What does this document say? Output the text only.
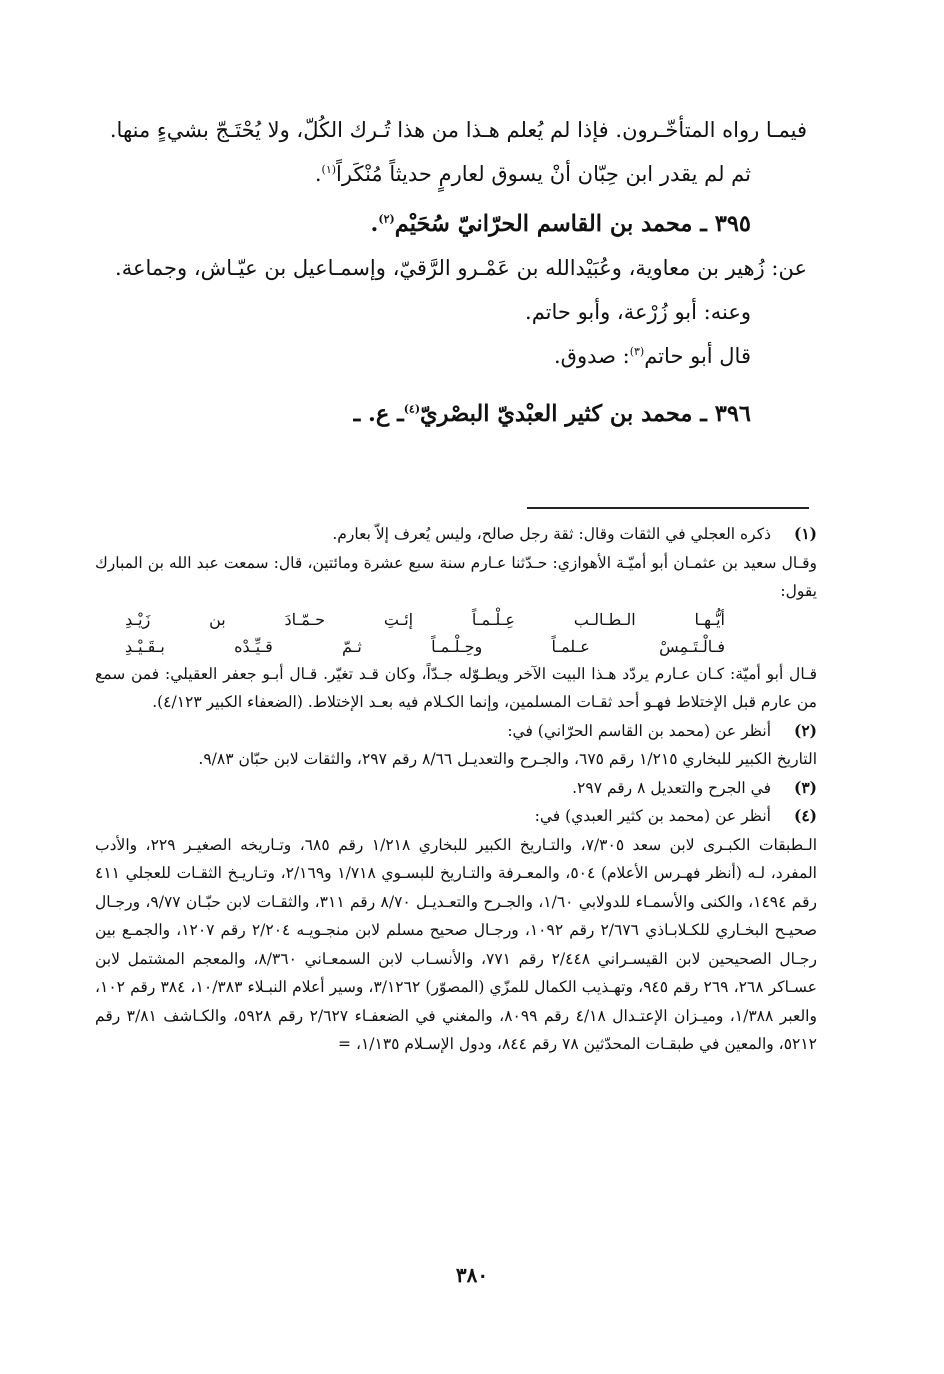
فيمـا رواه المتأخّـرون. فإذا لم يُعلم هـذا من هذا تُـرك الكُلّ، ولا يُحْتَـجّ بشيءٍ منها.

ثم لم يقدر ابن حِبّان أنْ يسوق لعارمٍ حديثاً مُنْكَراً$^{(١)}$.

٣٩٥ ـ محمد بن القاسم الحرّانيّ سُحَيْم$^{(٢)}$.

عن: زُهير بن معاوية، وعُبَيْدالله بن عَمْـرو الرَّقيّ، وإسمـاعيل بن عيّـاش، وجماعة.

وعنه: أبو زُرْعة، وأبو حاتم.

قال أبو حاتم$^{(٣)}$: صدوق.

٣٩٦ ـ محمد بن كثير العبْديّ البصْريّ$^{(٤)}$ـ ع. ـ

(١)

ذكره العجلي في الثقات وقال: ثقة رجل صالح، وليس يُعرف إلاّ بعارم.

وقـال سعيد بن عثمـان أبو أميّـة الأهوازي: حـدّثنا عـارم سنة سبع عشرة ومائتين، قال: سمعت عبد الله بن المبارك يقول:

أيُّـهـا
الـطـالـب
عِـلْـمـاً
إئـتِ
حـمّـادَ
بن
زَيْـدِ
فـالْـتَـمِسْ
عـلمـاً
وحِـلْـمـاً
ثـمّ
قـيِّـدْه
بـقَـيْـدِ

قـال أبو أميّة: كـان عـارم يردّد هـذا البيت الآخر ويطـوّله جـدّاً، وكان قـد تغيّر. قـال أبـو جعفر العقيلي: فمن سمع من عارم قبل الإختلاط فهـو أحد ثقـات المسلمين، وإنما الكـلام فيه بعـد الإختلاط. (الضعفاء الكبير ٤/١٢٣).

(٢)

أنظر عن (محمد بن القاسم الحرّاني) في:

التاريخ الكبير للبخاري ١/٢١٥ رقم ٦٧٥، والجـرح والتعديـل ٨/٦٦ رقم ٢٩٧، والثقات لابن حبّان ٩/٨٣.

(٣)

في الجرح والتعديل ٨ رقم ٢٩٧.

(٤)

أنظر عن (محمد بن كثير العبدي) في:

الـطبقات الكبـرى لابن سعد ٧/٣٠٥، والتـاريخ الكبير للبخاري ١/٢١٨ رقم ٦٨٥، وتـاريخه الصغيـر ٢٢٩، والأدب المفرد، لـه (أنظر فهـرس الأعلام) ٥٠٤، والمعـرفة والتـاريخ للبسـوي ١/٧١٨ و٢/١٦٩، وتـاريـخ الثقـات للعجلي ٤١١ رقم ١٤٩٤، والكنى والأسمـاء للدولابي ١/٦٠، والجـرح والتعـديـل ٨/٧٠ رقم ٣١١، والثقـات لابن حبّـان ٩/٧٧، ورجـال صحيـح البخـاري للكـلابـاذي ٢/٦٧٦ رقم ١٠٩٢، ورجـال صحيح مسلم لابن منجـويـه ٢/٢٠٤ رقم ١٢٠٧، والجمـع بين رجـال الصحيحين لابن القيسـراني ٢/٤٤٨ رقم ٧٧١، والأنسـاب لابن السمعـاني ٨/٣٦٠، والمعجم المشتمل لابن عسـاكر ٢٦٨، ٢٦٩ رقم ٩٤٥، وتهـذيب الكمال للمزّي (المصوّر) ٣/١٢٦٢، وسير أعلام النبـلاء ١٠/٣٨٣، ٣٨٤ رقم ١٠٢، والعبر ١/٣٨٨، وميـزان الإعتـدال ٤/١٨ رقم ٨٠٩٩، والمغني في الضعفـاء ٢/٦٢٧ رقم ٥٩٢٨، والكـاشف ٣/٨١ رقم ٥٢١٢، والمعين في طبقـات المحدّثين ٧٨ رقم ٨٤٤، ودول الإسـلام ١/١٣٥، =

٣٨٠
